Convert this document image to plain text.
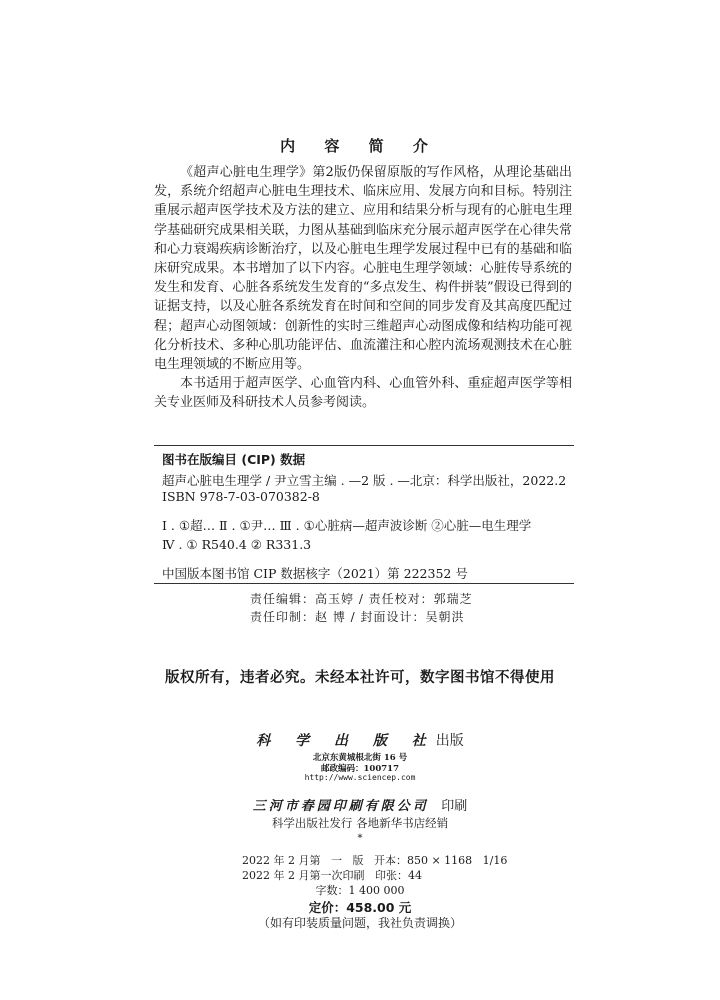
内 容 简 介

《超声心脏电生理学》第2版仍保留原版的写作风格，从理论基础出发，系统介绍超声心脏电生理技术、临床应用、发展方向和目标。特别注重展示超声医学技术及方法的建立、应用和结果分析与现有的心脏电生理学基础研究成果相关联，力图从基础到临床充分展示超声医学在心律失常和心力衰竭疾病诊断治疗，以及心脏电生理学发展过程中已有的基础和临床研究成果。本书增加了以下内容。心脏电生理学领域：心脏传导系统的发生和发育、心脏各系统发生发育的“多点发生、构件拼装”假设已得到的证据支持，以及心脏各系统发育在时间和空间的同步发育及其高度匹配过程；超声心动图领域：创新性的实时三维超声心动图成像和结构功能可视化分析技术、多种心肌功能评估、血流灌注和心腔内流场观测技术在心脏电生理领域的不断应用等。

本书适用于超声医学、心血管内科、心血管外科、重症超声医学等相关专业医师及科研技术人员参考阅读。

图书在版编目 (CIP) 数据
超声心脏电生理学 / 尹立雪主编 . —2 版 . —北京：科学出版社，2022.2
ISBN 978-7-03-070382-8
Ⅰ . ①超… Ⅱ . ①尹… Ⅲ . ①心脏病—超声波诊断 ②心脏—电生理学
Ⅳ . ① R540.4 ② R331.3
中国版本图书馆 CIP 数据核字（2021）第 222352 号
责任编辑：高玉婷 / 责任校对：郭瑞芝
责任印制：赵 博 / 封面设计：吴朝洪
版权所有，违者必究。未经本社许可，数字图书馆不得使用
科 学 出 版 社出版
北京东黄城根北街 16 号
邮政编码：100717
http://www.sciencep.com
三河市春园印刷有限公司 印刷
科学出版社发行 各地新华书店经销
*
2022 年 2 月第   一   版   开本：850 × 1168   1/16
2022 年 2 月第一次印刷   印张：44
字数：1 400 000
定价：458.00 元
（如有印装质量问题，我社负责调换）
